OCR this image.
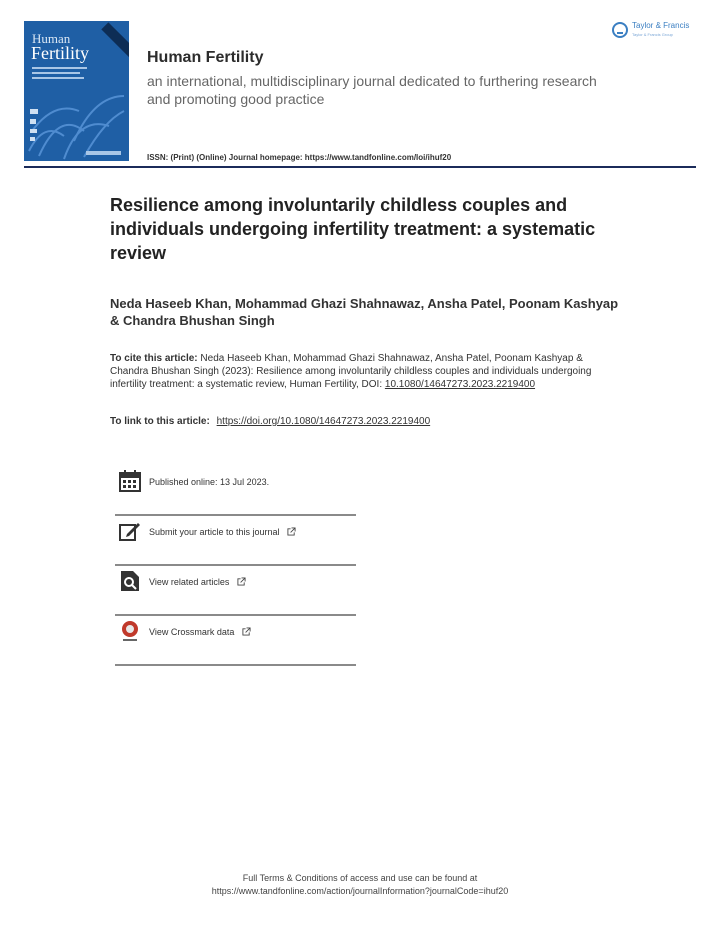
Human
Fertility
Taylor & Francis
Taylor & Francis Group
Human Fertility
an international, multidisciplinary journal dedicated to furthering research and promoting good practice
ISSN: (Print) (Online) Journal homepage: https://www.tandfonline.com/loi/ihuf20
Resilience among involuntarily childless couples and individuals undergoing infertility treatment: a systematic review
Neda Haseeb Khan, Mohammad Ghazi Shahnawaz, Ansha Patel, Poonam Kashyap & Chandra Bhushan Singh
To cite this article: Neda Haseeb Khan, Mohammad Ghazi Shahnawaz, Ansha Patel, Poonam Kashyap & Chandra Bhushan Singh (2023): Resilience among involuntarily childless couples and individuals undergoing infertility treatment: a systematic review, Human Fertility, DOI: 10.1080/14647273.2023.2219400
To link to this article: https://doi.org/10.1080/14647273.2023.2219400
Published online: 13 Jul 2023.
Submit your article to this journal
View related articles
View Crossmark data
Full Terms & Conditions of access and use can be found at
https://www.tandfonline.com/action/journalInformation?journalCode=ihuf20
